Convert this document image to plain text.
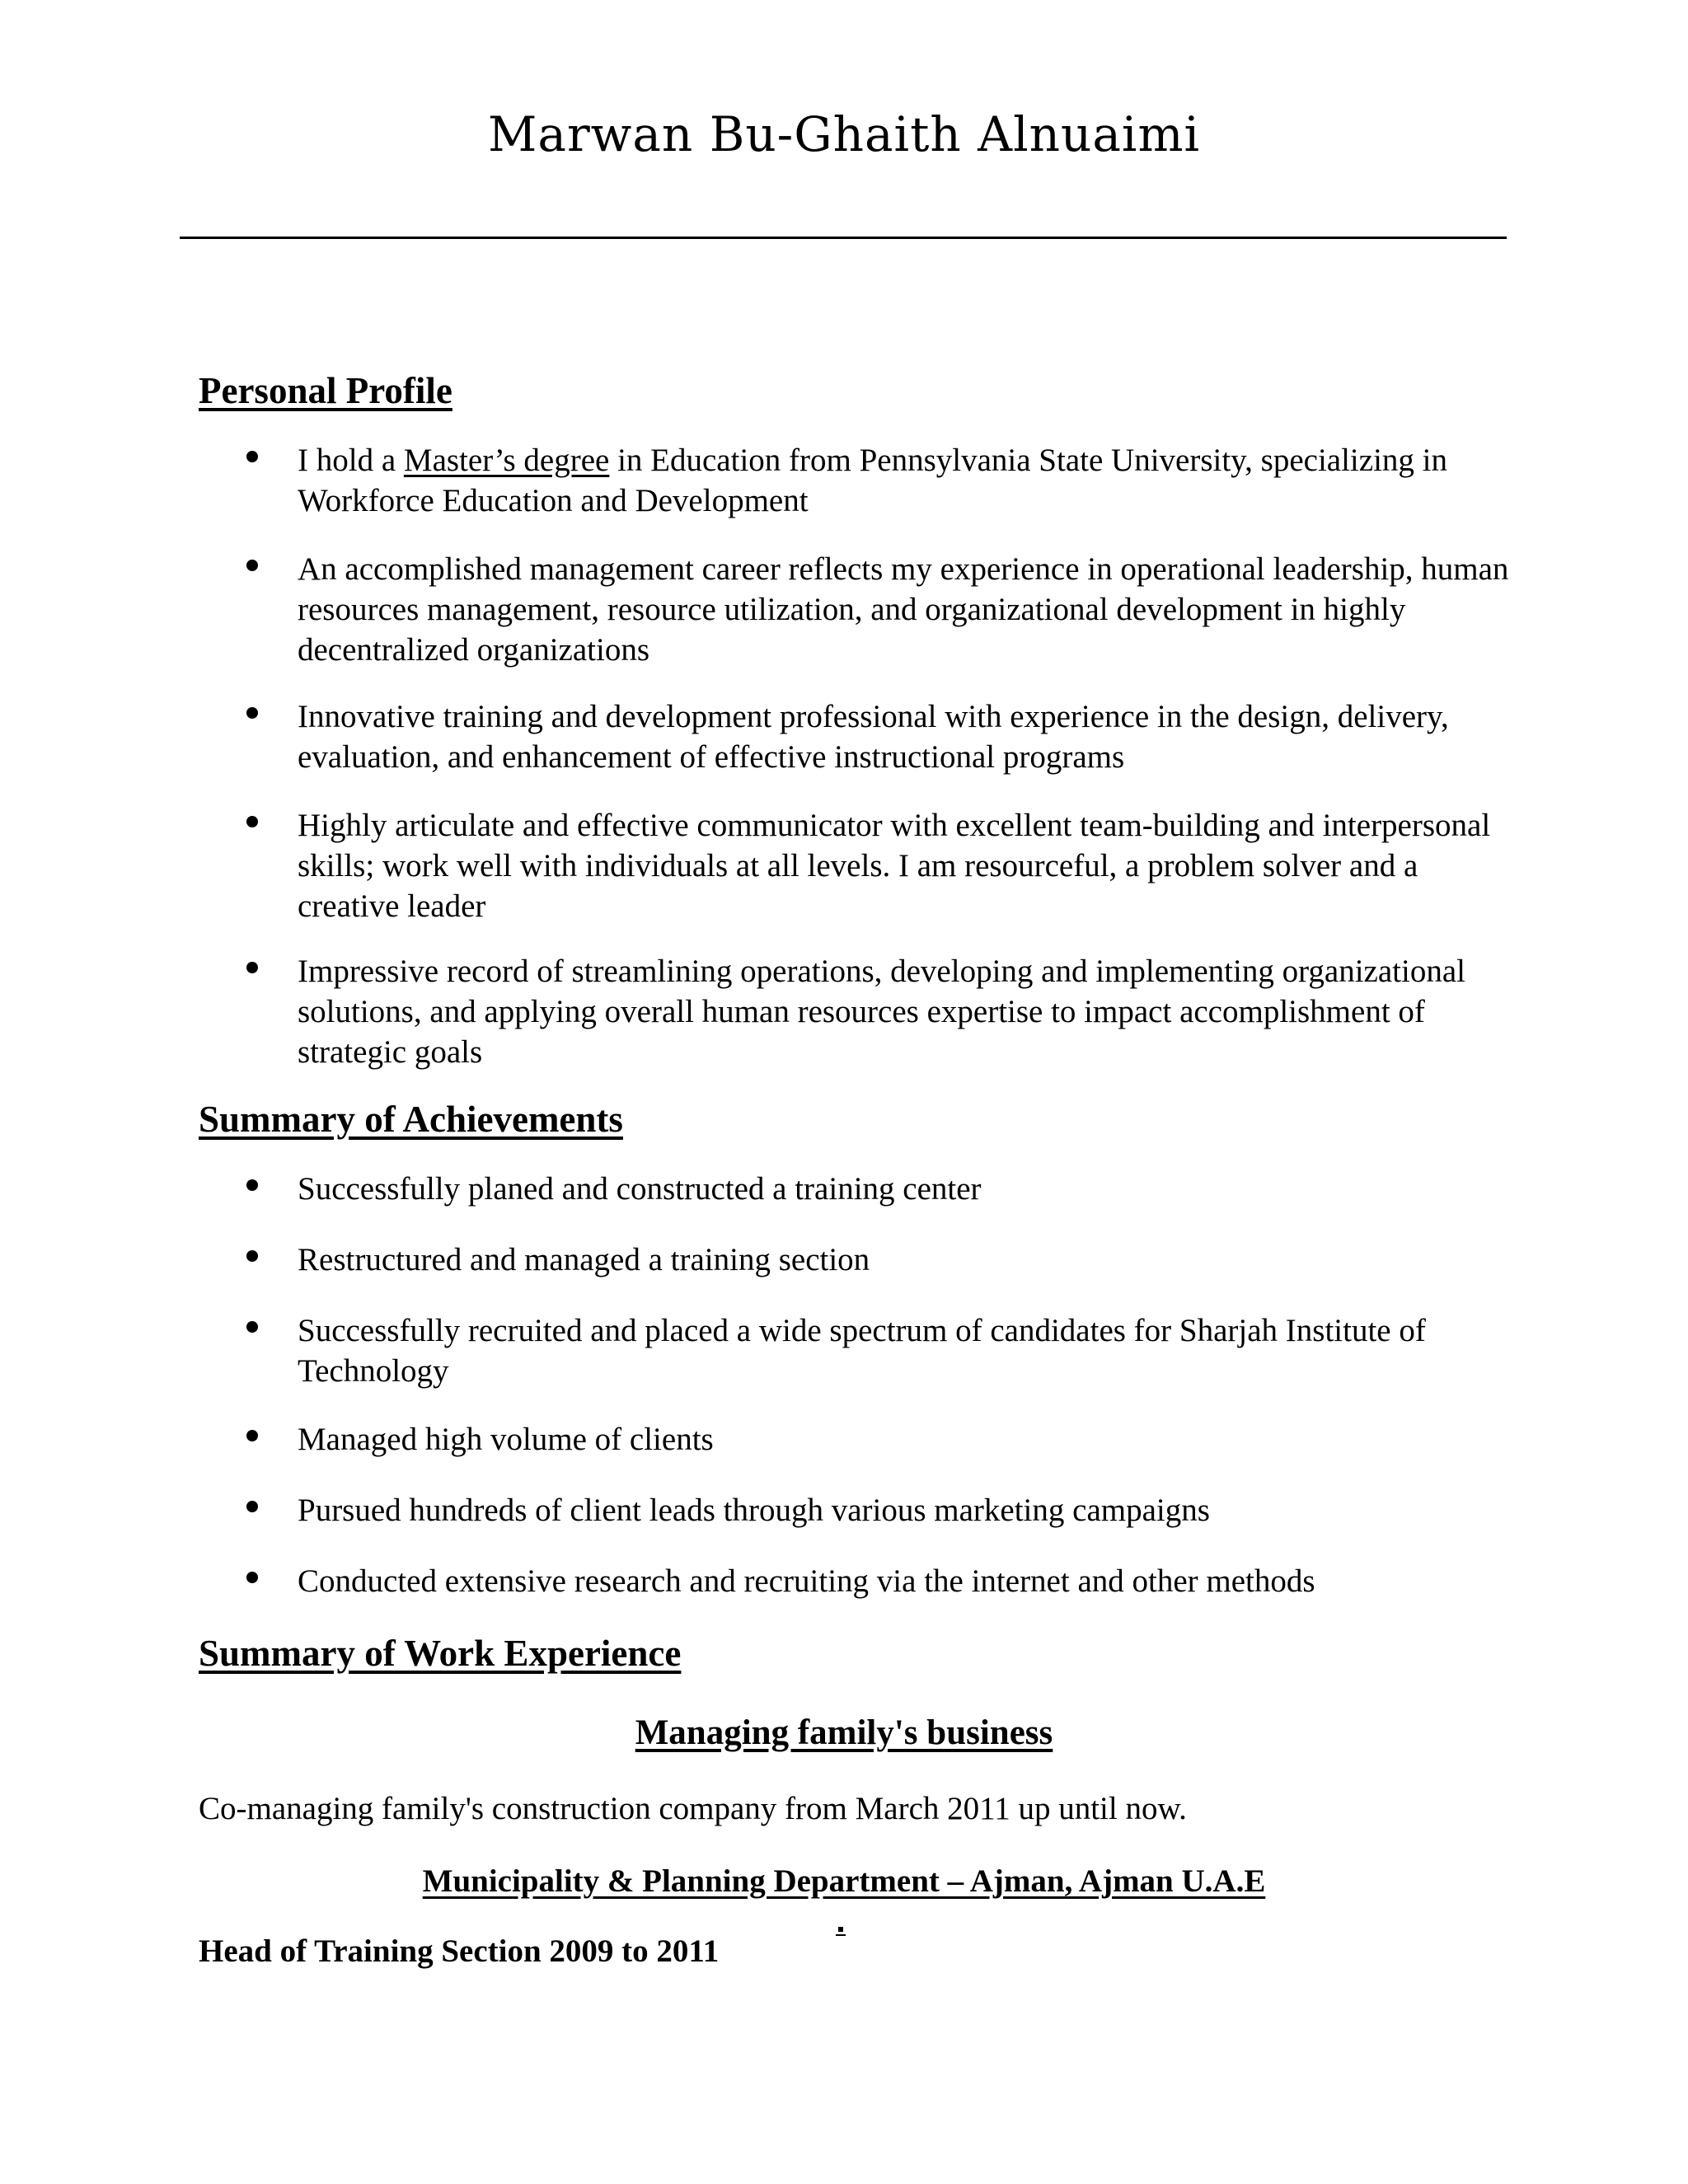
Marwan Bu-Ghaith Alnuaimi
Personal Profile
I hold a Master’s degree in Education from Pennsylvania State University, specializing in Workforce Education and Development
An accomplished management career reflects my experience in operational leadership, human resources management, resource utilization, and organizational development in highly decentralized organizations
Innovative training and development professional with experience in the design, delivery, evaluation, and enhancement of effective instructional programs
Highly articulate and effective communicator with excellent team-building and interpersonal skills; work well with individuals at all levels. I am resourceful, a problem solver and a creative leader
Impressive record of streamlining operations, developing and implementing organizational solutions, and applying overall human resources expertise to impact accomplishment of strategic goals
Summary of Achievements
Successfully planed and constructed a training center
Restructured and managed a training section
Successfully recruited and placed a wide spectrum of candidates for Sharjah Institute of Technology
Managed high volume of clients
Pursued hundreds of client leads through various marketing campaigns
Conducted extensive research and recruiting via the internet and other methods
Summary of Work Experience
Managing family's business

Co-managing family's construction company from March 2011 up until now.

Municipality & Planning Department – Ajman, Ajman U.A.E

Head of Training Section 2009 to 2011
